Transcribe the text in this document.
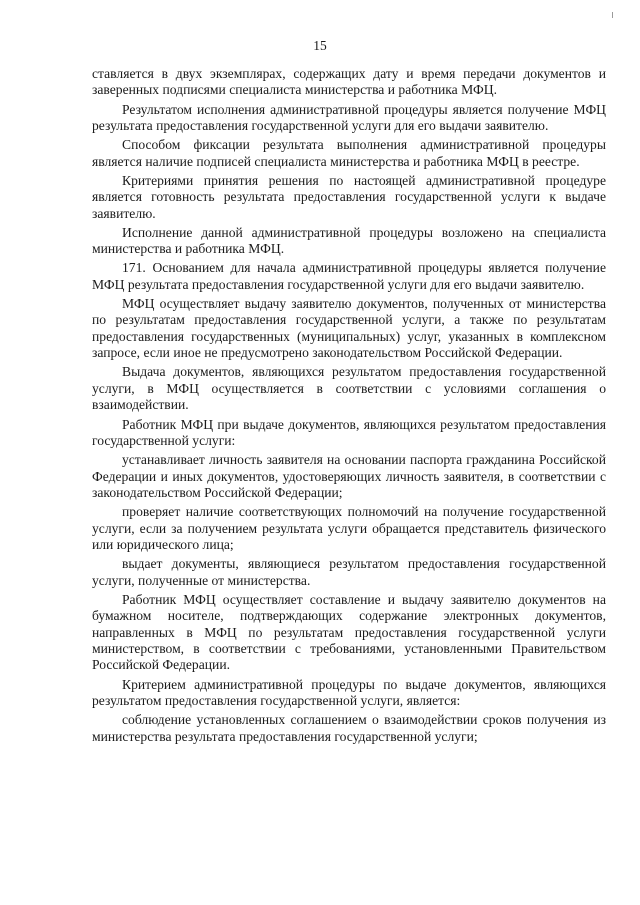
15

ставляется в двух экземплярах, содержащих дату и время передачи документов и заверенных подписями специалиста министерства и работника МФЦ.

Результатом исполнения административной процедуры является получение МФЦ результата предоставления государственной услуги для его выдачи заявителю.

Способом фиксации результата выполнения административной процедуры является наличие подписей специалиста министерства и работника МФЦ в реестре.

Критериями принятия решения по настоящей административной процедуре является готовность результата предоставления государственной услуги к выдаче заявителю.

Исполнение данной административной процедуры возложено на специалиста министерства и работника МФЦ.

171. Основанием для начала административной процедуры является получение МФЦ результата предоставления государственной услуги для его выдачи заявителю.

МФЦ осуществляет выдачу заявителю документов, полученных от министерства по результатам предоставления государственной услуги, а также по результатам предоставления государственных (муниципальных) услуг, указанных в комплексном запросе, если иное не предусмотрено законодательством Российской Федерации.

Выдача документов, являющихся результатом предоставления государственной услуги, в МФЦ осуществляется в соответствии с условиями соглашения о взаимодействии.

Работник МФЦ при выдаче документов, являющихся результатом предоставления государственной услуги:

устанавливает личность заявителя на основании паспорта гражданина Российской Федерации и иных документов, удостоверяющих личность заявителя, в соответствии с законодательством Российской Федерации;

проверяет наличие соответствующих полномочий на получение государственной услуги, если за получением результата услуги обращается представитель физического или юридического лица;

выдает документы, являющиеся результатом предоставления государственной услуги, полученные от министерства.

Работник МФЦ осуществляет составление и выдачу заявителю документов на бумажном носителе, подтверждающих содержание электронных документов, направленных в МФЦ по результатам предоставления государственной услуги министерством, в соответствии с требованиями, установленными Правительством Российской Федерации.

Критерием административной процедуры по выдаче документов, являющихся результатом предоставления государственной услуги, является:

соблюдение установленных соглашением о взаимодействии сроков получения из министерства результата предоставления государственной услуги;
